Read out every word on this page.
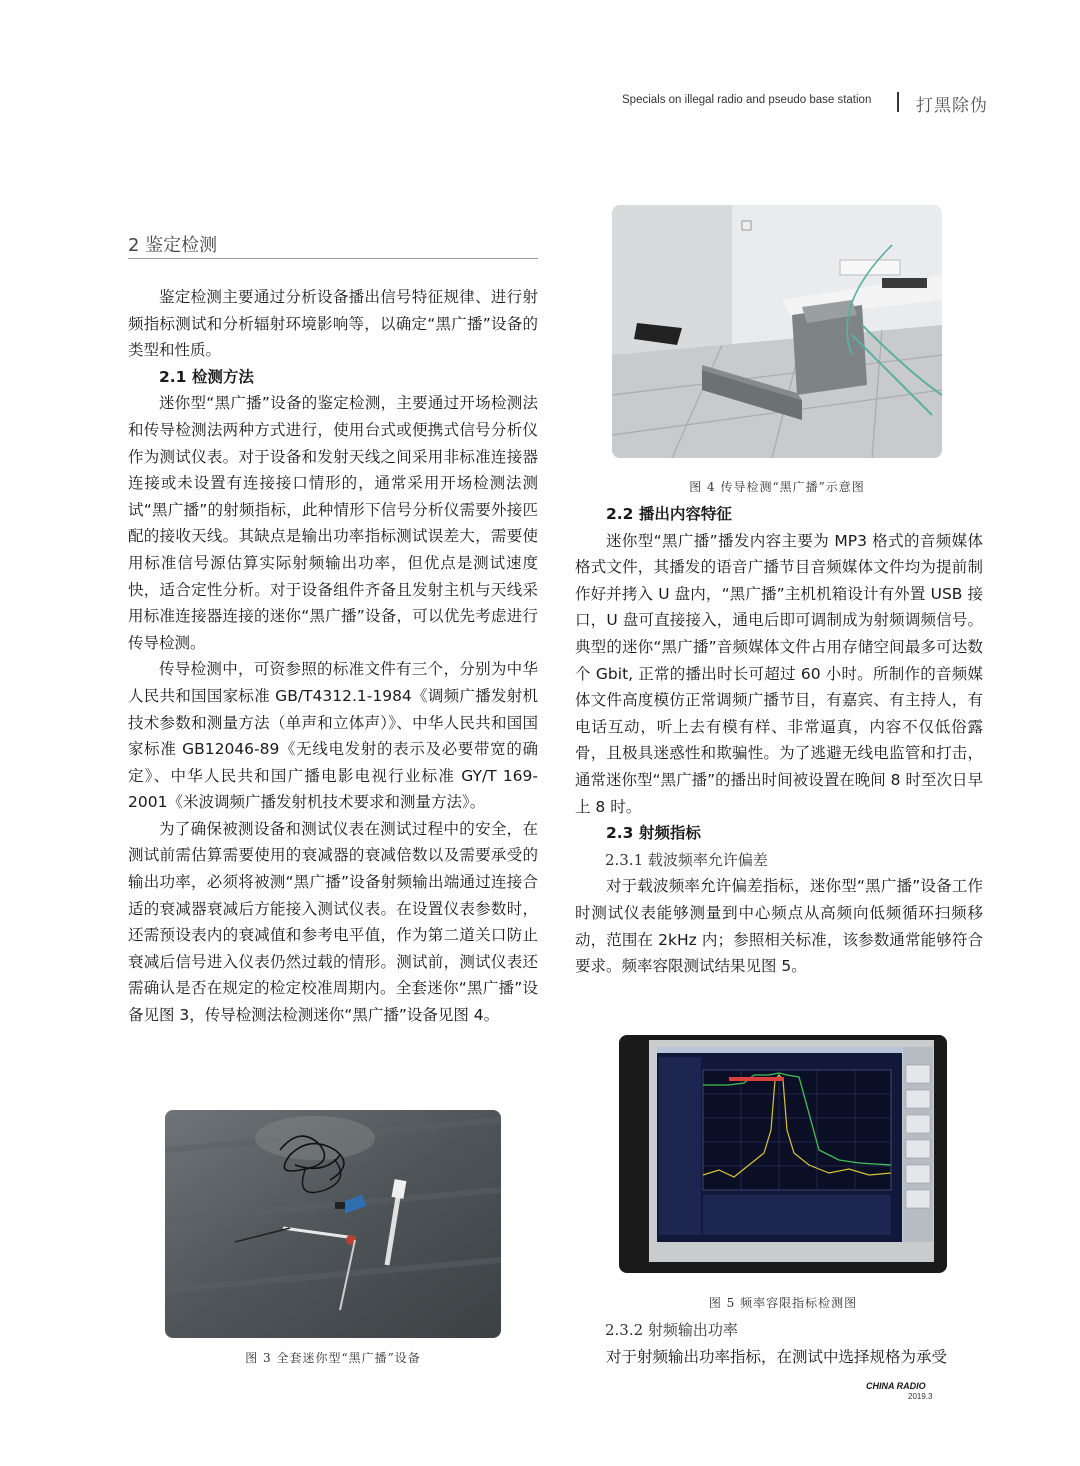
Specials on illegal radio and pseudo base station	打黑除伪
2 鉴定检测

鉴定检测主要通过分析设备播出信号特征规律、进行射频指标测试和分析辐射环境影响等，以确定“黑广播”设备的类型和性质。

2.1 检测方法

迷你型“黑广播”设备的鉴定检测，主要通过开场检测法和传导检测法两种方式进行，使用台式或便携式信号分析仪作为测试仪表。对于设备和发射天线之间采用非标准连接器连接或未设置有连接接口情形的，通常采用开场检测法测试“黑广播”的射频指标，此种情形下信号分析仪需要外接匹配的接收天线。其缺点是输出功率指标测试误差大，需要使用标准信号源估算实际射频输出功率，但优点是测试速度快，适合定性分析。对于设备组件齐备且发射主机与天线采用标准连接器连接的迷你“黑广播”设备，可以优先考虑进行传导检测。

传导检测中，可资参照的标准文件有三个，分别为中华人民共和国国家标准 GB/T4312.1-1984《调频广播发射机技术参数和测量方法（单声和立体声）》、中华人民共和国国家标准 GB12046-89《无线电发射的表示及必要带宽的确定》、中华人民共和国广播电影电视行业标准 GY/T 169-2001《米波调频广播发射机技术要求和测量方法》。

为了确保被测设备和测试仪表在测试过程中的安全，在测试前需估算需要使用的衰减器的衰减倍数以及需要承受的输出功率，必须将被测“黑广播”设备射频输出端通过连接合适的衰减器衰减后方能接入测试仪表。在设置仪表参数时，还需预设表内的衰减值和参考电平值，作为第二道关口防止衰减后信号进入仪表仍然过载的情形。测试前，测试仪表还需确认是否在规定的检定校准周期内。全套迷你“黑广播”设备见图 3，传导检测法检测迷你“黑广播”设备见图 4。

图 3 全套迷你型“黑广播”设备
图 4 传导检测“黑广播”示意图
2.2 播出内容特征

迷你型“黑广播”播发内容主要为 MP3 格式的音频媒体格式文件，其播发的语音广播节目音频媒体文件均为提前制作好并拷入 U 盘内，“黑广播”主机机箱设计有外置 USB 接口，U 盘可直接接入，通电后即可调制成为射频调频信号。典型的迷你“黑广播”音频媒体文件占用存储空间最多可达数个 Gbit, 正常的播出时长可超过 60 小时。所制作的音频媒体文件高度模仿正常调频广播节目，有嘉宾、有主持人，有电话互动，听上去有模有样、非常逼真，内容不仅低俗露骨，且极具迷惑性和欺骗性。为了逃避无线电监管和打击，通常迷你型“黑广播”的播出时间被设置在晚间 8 时至次日早上 8 时。

2.3 射频指标
2.3.1 载波频率允许偏差

对于载波频率允许偏差指标，迷你型“黑广播”设备工作时测试仪表能够测量到中心频点从高频向低频循环扫频移动，范围在 2kHz 内；参照相关标准，该参数通常能够符合要求。频率容限测试结果见图 5。

图 5 频率容限指标检测图
2.3.2 射频输出功率

对于射频输出功率指标，在测试中选择规格为承受

CHINA RADIO
2019.3
